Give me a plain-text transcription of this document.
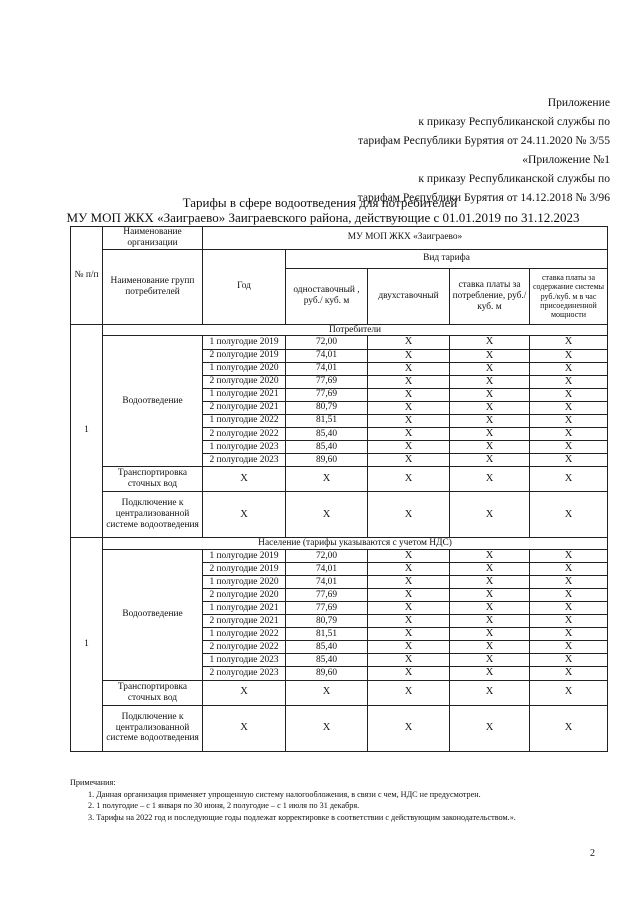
Приложение
к приказу Республиканской службы по
тарифам Республики Бурятия от 24.11.2020 № 3/55
«Приложение №1
к приказу Республиканской службы по
тарифам Республики Бурятия от 14.12.2018 № 3/96
Тарифы в сфере водоотведения для потребителей
МУ МОП ЖКХ «Заиграево» Заиграевского района, действующие с 01.01.2019 по 31.12.2023
№ п/п	Наименование организации	МУ МОП ЖКХ «Заиграево»				
	Наименование групп потребителей	Год	Вид тарифа			
			одноставочный , руб./ куб. м	двухставочный	ставка платы за потребление, руб./ куб. м	ставка платы за содержание системы руб./куб. м в час присоединенной мощности

1	Потребители					
	Водоотведение	1 полугодие 2019	72,00	X	X	X
		2 полугодие 2019	74,01	X	X	X
		1 полугодие 2020	74,01	X	X	X
		2 полугодие 2020	77,69	X	X	X
		1 полугодие 2021	77,69	X	X	X
		2 полугодие 2021	80,79	X	X	X
		1 полугодие 2022	81,51	X	X	X
		2 полугодие 2022	85,40	X	X	X
		1 полугодие 2023	85,40	X	X	X
		2 полугодие 2023	89,60	X	X	X
	Транспортировка сточных вод	X	X	X	X	X
	Подключение к централизованной системе водоотведения	X	X	X	X	X
1	Население (тарифы указываются с учетом НДС)					
	Водоотведение	1 полугодие 2019	72,00	X	X	X
		2 полугодие 2019	74,01	X	X	X
		1 полугодие 2020	74,01	X	X	X
		2 полугодие 2020	77,69	X	X	X
		1 полугодие 2021	77,69	X	X	X
		2 полугодие 2021	80,79	X	X	X
		1 полугодие 2022	81,51	X	X	X
		2 полугодие 2022	85,40	X	X	X
		1 полугодие 2023	85,40	X	X	X
		2 полугодие 2023	89,60	X	X	X
	Транспортировка сточных вод	X	X	X	X	X
	Подключение к централизованной системе водоотведения	X	X	X	X	X
Примечания:
1. Данная организация применяет упрощенную систему налогообложения, в связи с чем, НДС не предусмотрен.
2. 1 полугодие – с 1 января по 30 июня, 2 полугодие – с 1 июля по 31 декабря.
3. Тарифы на 2022 год и последующие годы подлежат корректировке в соответствии с действующим законодательством.».
2
